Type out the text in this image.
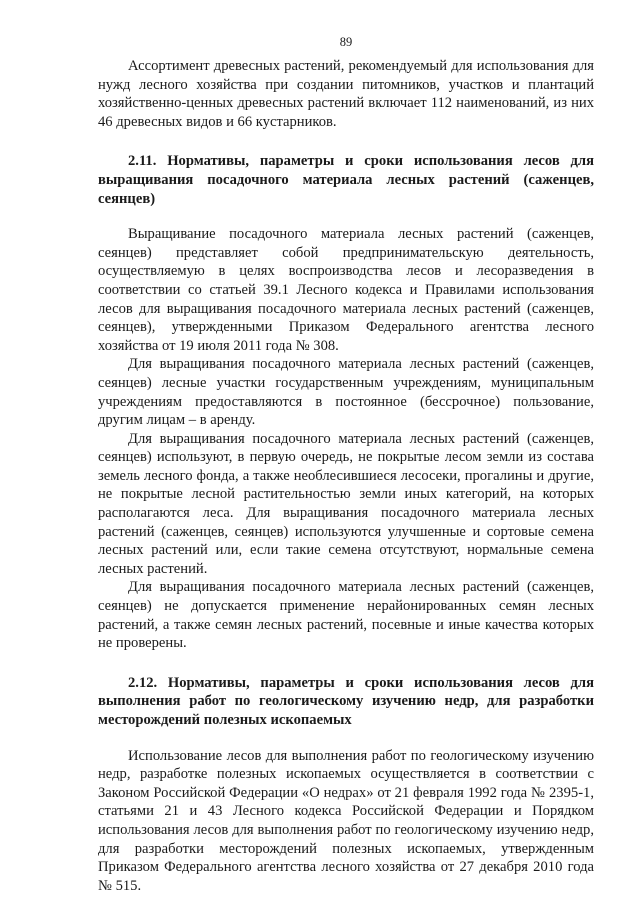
89

Ассортимент древесных растений, рекомендуемый для использования для нужд лесного хозяйства при создании питомников, участков и плантаций хозяйственно-ценных древесных растений включает 112 наименований, из них 46 древесных видов и 66 кустарников.

2.11. Нормативы, параметры и сроки использования лесов для выращивания посадочного материала лесных растений (саженцев, сеянцев)

Выращивание посадочного материала лесных растений (саженцев, сеянцев) представляет собой предпринимательскую деятельность, осуществляемую в целях воспроизводства лесов и лесоразведения в соответствии со статьей 39.1 Лесного кодекса и Правилами использования лесов для выращивания посадочного материала лесных растений (саженцев, сеянцев), утвержденными Приказом Федерального агентства лесного хозяйства от 19 июля 2011 года № 308.

Для выращивания посадочного материала лесных растений (саженцев, сеянцев) лесные участки государственным учреждениям, муниципальным учреждениям предоставляются в постоянное (бессрочное) пользование, другим лицам – в аренду.

Для выращивания посадочного материала лесных растений (саженцев, сеянцев) используют, в первую очередь, не покрытые лесом земли из состава земель лесного фонда, а также необлесившиеся лесосеки, прогалины и другие, не покрытые лесной растительностью земли иных категорий, на которых располагаются леса. Для выращивания посадочного материала лесных растений (саженцев, сеянцев) используются улучшенные и сортовые семена лесных растений или, если такие семена отсутствуют, нормальные семена лесных растений.

Для выращивания посадочного материала лесных растений (саженцев, сеянцев) не допускается применение нерайонированных семян лесных растений, а также семян лесных растений, посевные и иные качества которых не проверены.

2.12. Нормативы, параметры и сроки использования лесов для выполнения работ по геологическому изучению недр, для разработки месторождений полезных ископаемых

Использование лесов для выполнения работ по геологическому изучению недр, разработке полезных ископаемых осуществляется в соответствии с Законом Российской Федерации «О недрах» от 21 февраля 1992 года № 2395-1, статьями 21 и 43 Лесного кодекса Российской Федерации и Порядком использования лесов для выполнения работ по геологическому изучению недр, для разработки месторождений полезных ископаемых, утвержденным Приказом Федерального агентства лесного хозяйства от 27 декабря 2010 года № 515.
